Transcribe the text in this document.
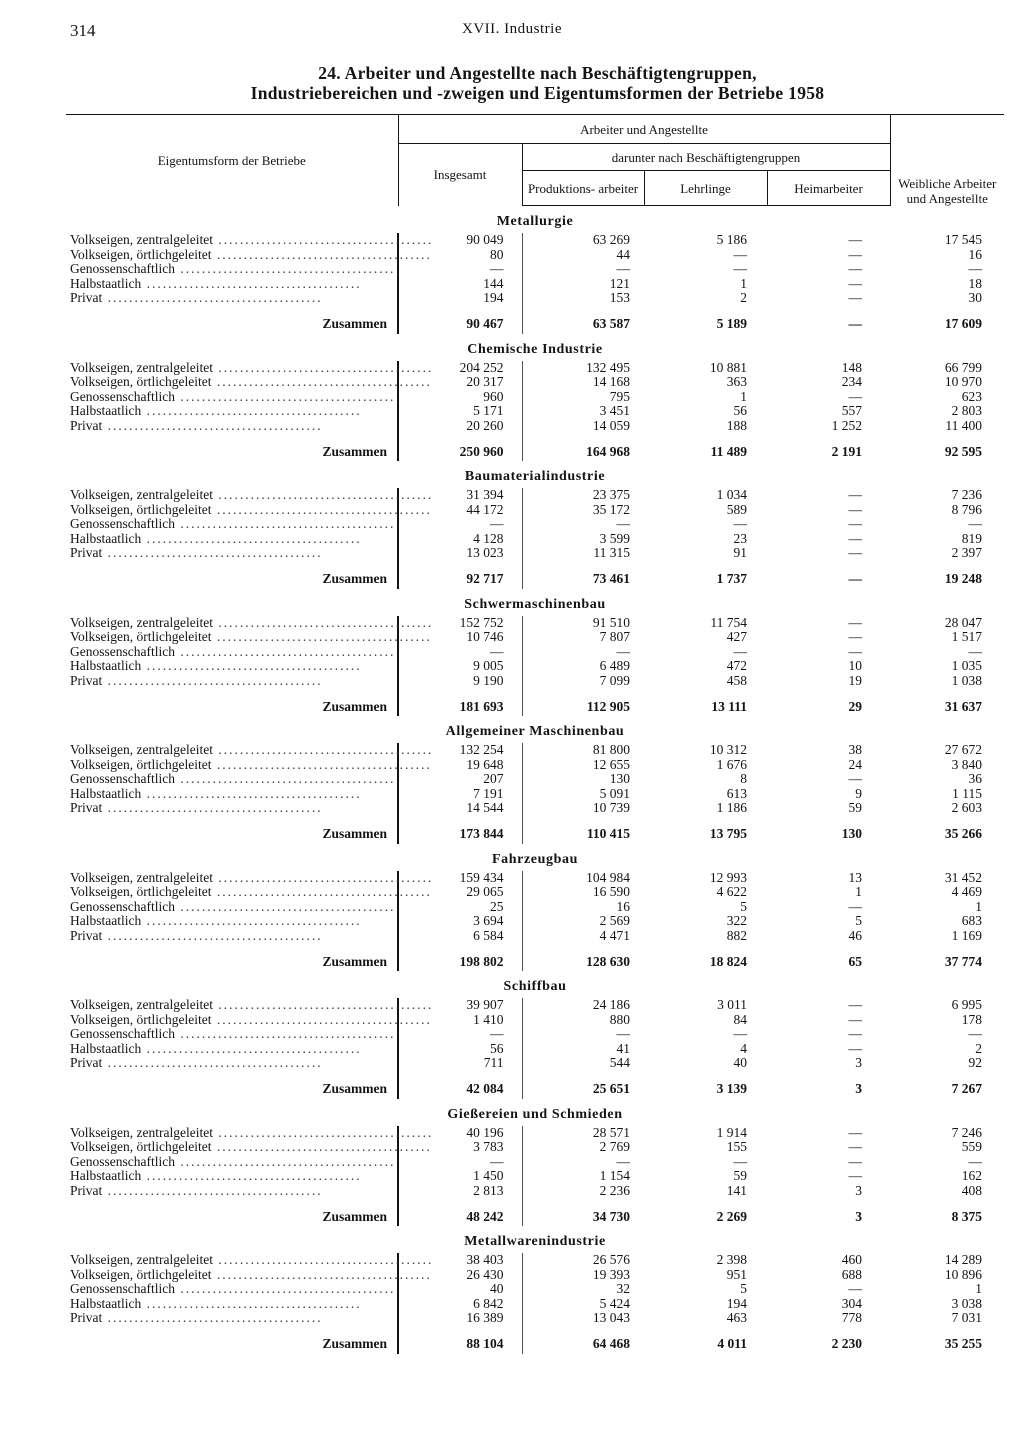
314	XVII. Industrie
24. Arbeiter und Angestellte nach Beschäftigtengruppen,
Industriebereichen und -zweigen und Eigentumsformen der Betriebe 1958
Eigentumsform der Betriebe	Arbeiter und Angestellte				Weibliche Arbeiter und Angestellte
	Insgesamt	darunter nach Beschäftigtengruppen			
		Produktions- arbeiter	Lehrlinge	Heimarbeiter	
Metallurgie					
Volkseigen, zentralgeleitet ........................................	90 049	63 269	5 186	—	17 545
Volkseigen, örtlichgeleitet ........................................	80	44	—	—	16
Genossenschaftlich ........................................	—	—	—	—	—
Halbstaatlich ........................................	144	121	1	—	18
Privat ........................................	194	153	2	—	30
Zusammen	90 467	63 587	5 189	—	17 609
Chemische Industrie					
Volkseigen, zentralgeleitet ........................................	204 252	132 495	10 881	148	66 799
Volkseigen, örtlichgeleitet ........................................	20 317	14 168	363	234	10 970
Genossenschaftlich ........................................	960	795	1	—	623
Halbstaatlich ........................................	5 171	3 451	56	557	2 803
Privat ........................................	20 260	14 059	188	1 252	11 400
Zusammen	250 960	164 968	11 489	2 191	92 595
Baumaterialindustrie					
Volkseigen, zentralgeleitet ........................................	31 394	23 375	1 034	—	7 236
Volkseigen, örtlichgeleitet ........................................	44 172	35 172	589	—	8 796
Genossenschaftlich ........................................	—	—	—	—	—
Halbstaatlich ........................................	4 128	3 599	23	—	819
Privat ........................................	13 023	11 315	91	—	2 397
Zusammen	92 717	73 461	1 737	—	19 248
Schwermaschinenbau					
Volkseigen, zentralgeleitet ........................................	152 752	91 510	11 754	—	28 047
Volkseigen, örtlichgeleitet ........................................	10 746	7 807	427	—	1 517
Genossenschaftlich ........................................	—	—	—	—	—
Halbstaatlich ........................................	9 005	6 489	472	10	1 035
Privat ........................................	9 190	7 099	458	19	1 038
Zusammen	181 693	112 905	13 111	29	31 637
Allgemeiner Maschinenbau					
Volkseigen, zentralgeleitet ........................................	132 254	81 800	10 312	38	27 672
Volkseigen, örtlichgeleitet ........................................	19 648	12 655	1 676	24	3 840
Genossenschaftlich ........................................	207	130	8	—	36
Halbstaatlich ........................................	7 191	5 091	613	9	1 115
Privat ........................................	14 544	10 739	1 186	59	2 603
Zusammen	173 844	110 415	13 795	130	35 266
Fahrzeugbau					
Volkseigen, zentralgeleitet ........................................	159 434	104 984	12 993	13	31 452
Volkseigen, örtlichgeleitet ........................................	29 065	16 590	4 622	1	4 469
Genossenschaftlich ........................................	25	16	5	—	1
Halbstaatlich ........................................	3 694	2 569	322	5	683
Privat ........................................	6 584	4 471	882	46	1 169
Zusammen	198 802	128 630	18 824	65	37 774
Schiffbau					
Volkseigen, zentralgeleitet ........................................	39 907	24 186	3 011	—	6 995
Volkseigen, örtlichgeleitet ........................................	1 410	880	84	—	178
Genossenschaftlich ........................................	—	—	—	—	—
Halbstaatlich ........................................	56	41	4	—	2
Privat ........................................	711	544	40	3	92
Zusammen	42 084	25 651	3 139	3	7 267
Gießereien und Schmieden					
Volkseigen, zentralgeleitet ........................................	40 196	28 571	1 914	—	7 246
Volkseigen, örtlichgeleitet ........................................	3 783	2 769	155	—	559
Genossenschaftlich ........................................	—	—	—	—	—
Halbstaatlich ........................................	1 450	1 154	59	—	162
Privat ........................................	2 813	2 236	141	3	408
Zusammen	48 242	34 730	2 269	3	8 375
Metallwarenindustrie					
Volkseigen, zentralgeleitet ........................................	38 403	26 576	2 398	460	14 289
Volkseigen, örtlichgeleitet ........................................	26 430	19 393	951	688	10 896
Genossenschaftlich ........................................	40	32	5	—	1
Halbstaatlich ........................................	6 842	5 424	194	304	3 038
Privat ........................................	16 389	13 043	463	778	7 031
Zusammen	88 104	64 468	4 011	2 230	35 255
